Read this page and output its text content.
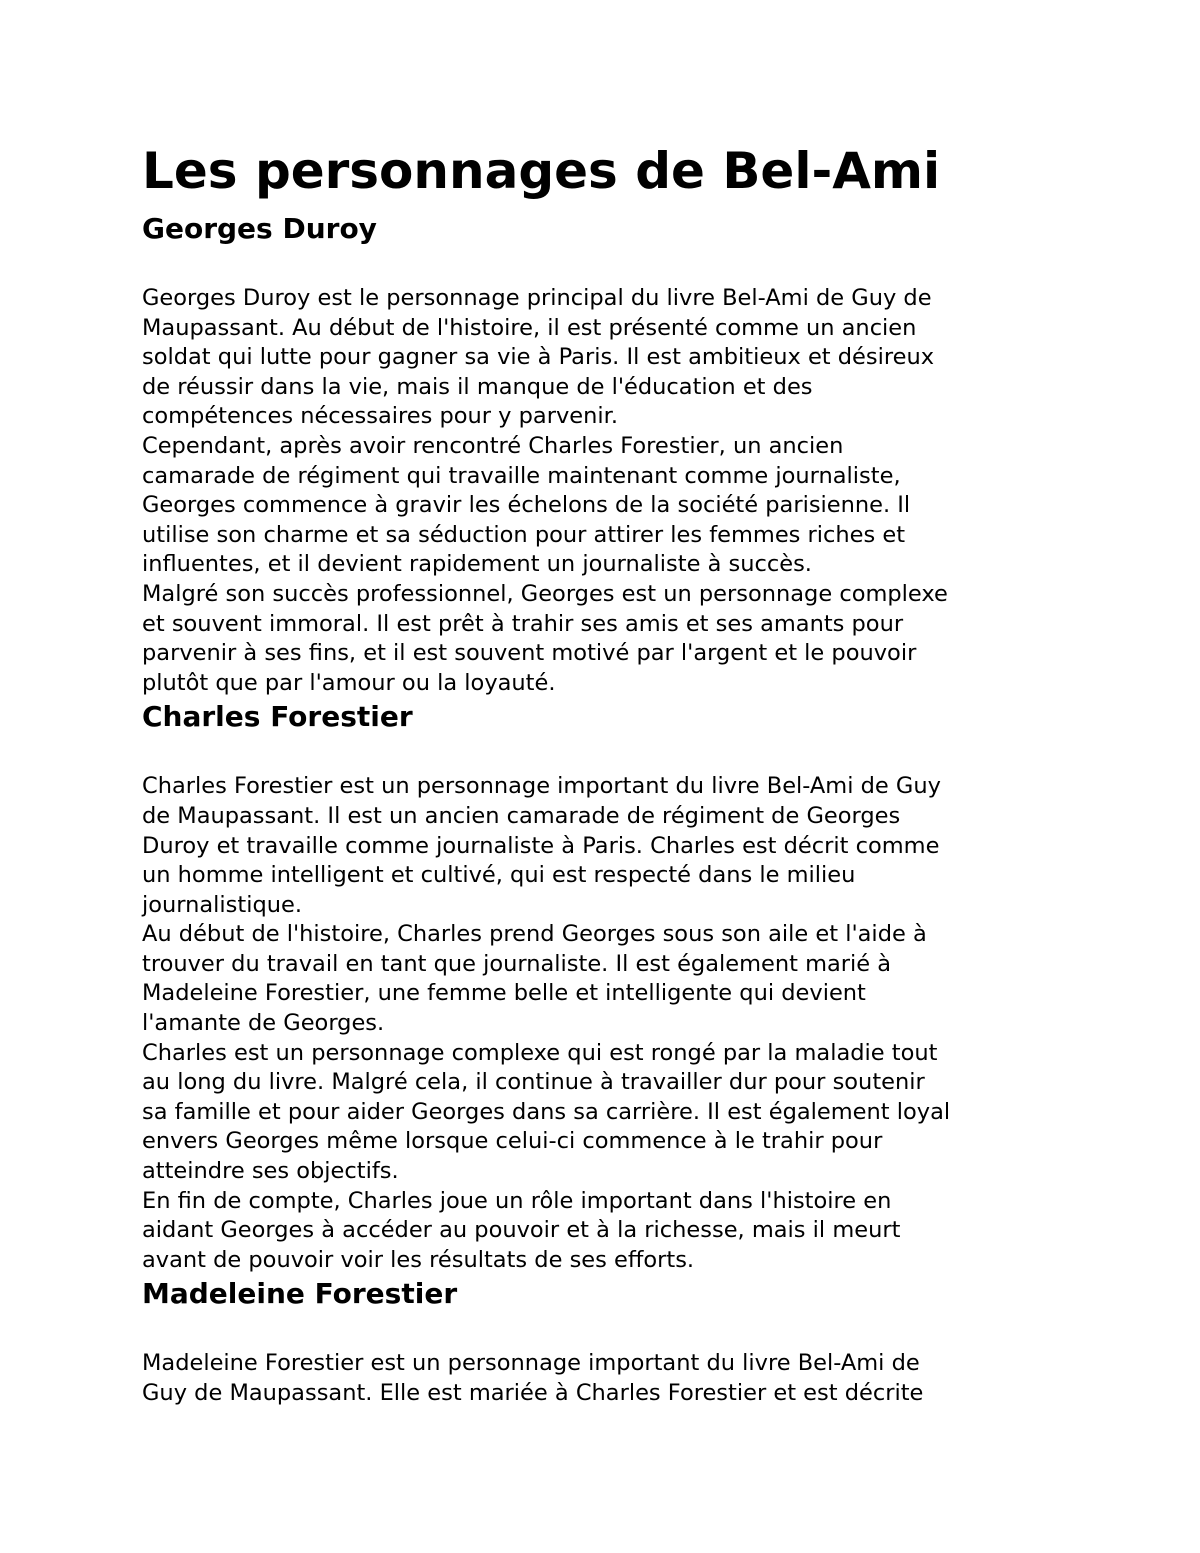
Les personnages de Bel-Ami
Georges Duroy

Georges Duroy est le personnage principal du livre Bel-Ami de Guy de
Maupassant. Au début de l'histoire, il est présenté comme un ancien
soldat qui lutte pour gagner sa vie à Paris. Il est ambitieux et désireux
de réussir dans la vie, mais il manque de l'éducation et des
compétences nécessaires pour y parvenir.

Cependant, après avoir rencontré Charles Forestier, un ancien
camarade de régiment qui travaille maintenant comme journaliste,
Georges commence à gravir les échelons de la société parisienne. Il
utilise son charme et sa séduction pour attirer les femmes riches et
influentes, et il devient rapidement un journaliste à succès.

Malgré son succès professionnel, Georges est un personnage complexe
et souvent immoral. Il est prêt à trahir ses amis et ses amants pour
parvenir à ses fins, et il est souvent motivé par l'argent et le pouvoir
plutôt que par l'amour ou la loyauté.

Charles Forestier

Charles Forestier est un personnage important du livre Bel-Ami de Guy
de Maupassant. Il est un ancien camarade de régiment de Georges
Duroy et travaille comme journaliste à Paris. Charles est décrit comme
un homme intelligent et cultivé, qui est respecté dans le milieu
journalistique.

Au début de l'histoire, Charles prend Georges sous son aile et l'aide à
trouver du travail en tant que journaliste. Il est également marié à
Madeleine Forestier, une femme belle et intelligente qui devient
l'amante de Georges.

Charles est un personnage complexe qui est rongé par la maladie tout
au long du livre. Malgré cela, il continue à travailler dur pour soutenir
sa famille et pour aider Georges dans sa carrière. Il est également loyal
envers Georges même lorsque celui-ci commence à le trahir pour
atteindre ses objectifs.

En fin de compte, Charles joue un rôle important dans l'histoire en
aidant Georges à accéder au pouvoir et à la richesse, mais il meurt
avant de pouvoir voir les résultats de ses efforts.

Madeleine Forestier

Madeleine Forestier est un personnage important du livre Bel-Ami de
Guy de Maupassant. Elle est mariée à Charles Forestier et est décrite
